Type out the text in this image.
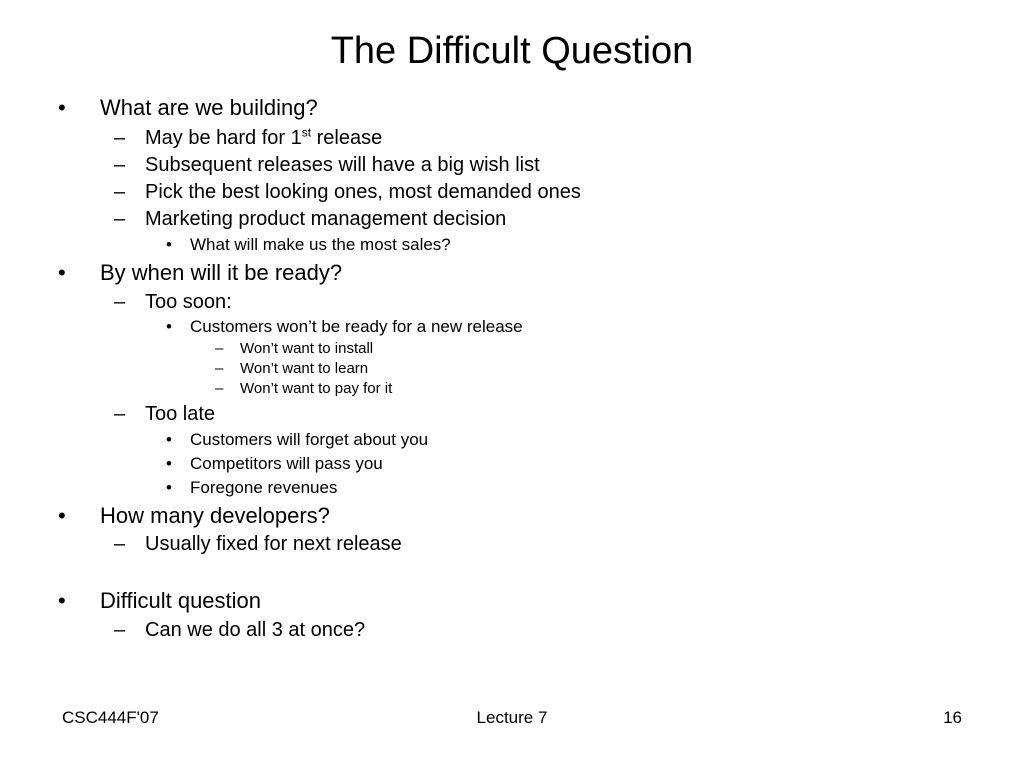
The Difficult Question
• What are we building?
– May be hard for 1st release
– Subsequent releases will have a big wish list
– Pick the best looking ones, most demanded ones
– Marketing product management decision
• What will make us the most sales?
• By when will it be ready?
– Too soon:
• Customers won’t be ready for a new release
– Won’t want to install
– Won’t want to learn
– Won’t want to pay for it
– Too late
• Customers will forget about you
• Competitors will pass you
• Foregone revenues
• How many developers?
– Usually fixed for next release
• Difficult question
– Can we do all 3 at once?
CSC444F'07	Lecture 7	16
